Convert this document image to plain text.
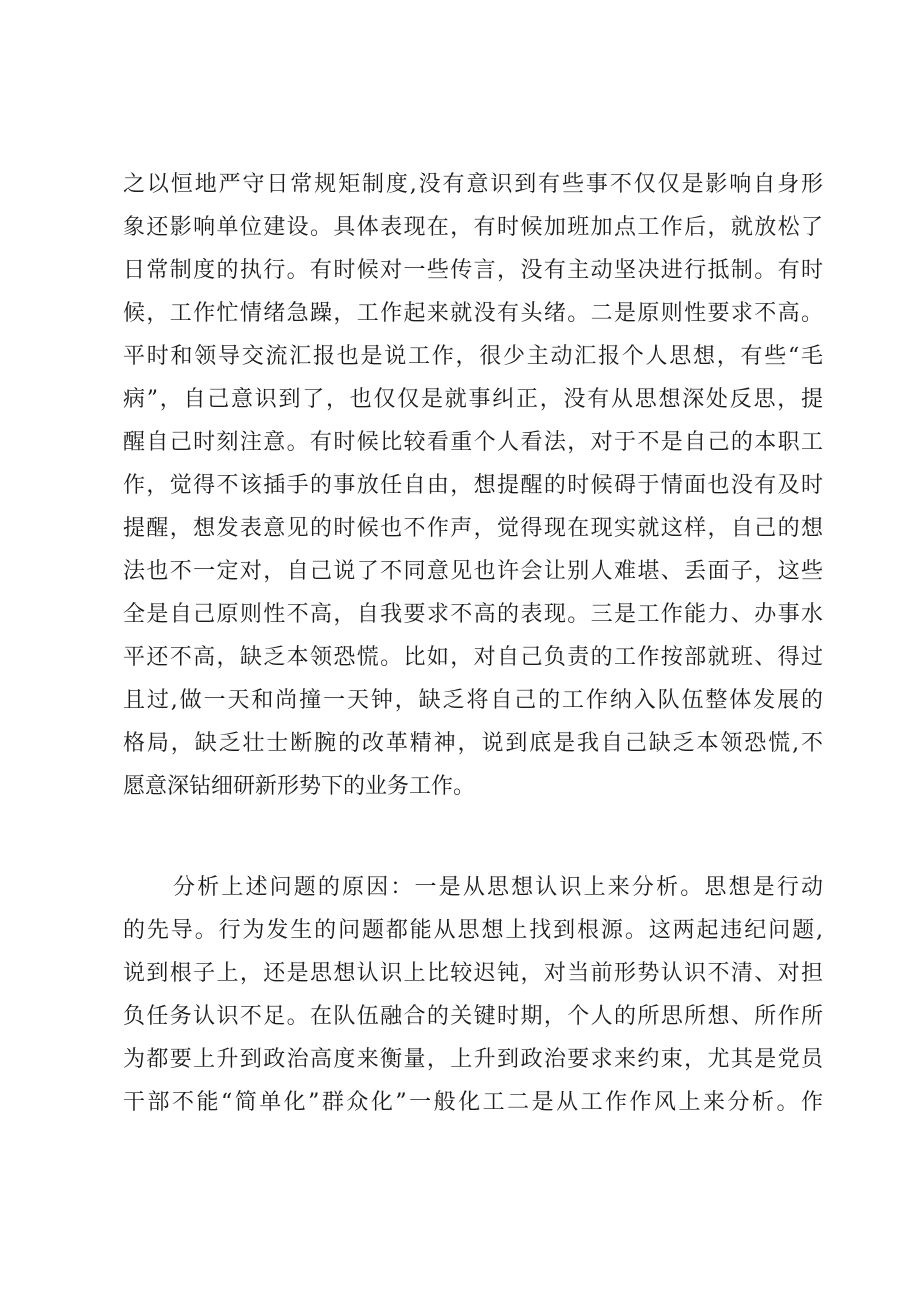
之以恒地严守日常规矩制度,没有意识到有些事不仅仅是影响自身形

象还影响单位建设。具体表现在，有时候加班加点工作后，就放松了

日常制度的执行。有时候对一些传言，没有主动坚决进行抵制。有时

候，工作忙情绪急躁，工作起来就没有头绪。二是原则性要求不高。

平时和领导交流汇报也是说工作，很少主动汇报个人思想，有些“毛

病”，自己意识到了，也仅仅是就事纠正，没有从思想深处反思，提

醒自己时刻注意。有时候比较看重个人看法，对于不是自己的本职工

作，觉得不该插手的事放任自由，想提醒的时候碍于情面也没有及时

提醒，想发表意见的时候也不作声，觉得现在现实就这样，自己的想

法也不一定对，自己说了不同意见也许会让别人难堪、丢面子，这些

全是自己原则性不高，自我要求不高的表现。三是工作能力、办事水

平还不高，缺乏本领恐慌。比如，对自己负责的工作按部就班、得过

且过,做一天和尚撞一天钟，缺乏将自己的工作纳入队伍整体发展的

格局，缺乏壮士断腕的改革精神，说到底是我自己缺乏本领恐慌,不

愿意深钻细研新形势下的业务工作。

分析上述问题的原因：一是从思想认识上来分析。思想是行动

的先导。行为发生的问题都能从思想上找到根源。这两起违纪问题,

说到根子上，还是思想认识上比较迟钝，对当前形势认识不清、对担

负任务认识不足。在队伍融合的关键时期，个人的所思所想、所作所

为都要上升到政治高度来衡量，上升到政治要求来约束，尤其是党员

干部不能“简单化”群众化”一般化工二是从工作作风上来分析。作
